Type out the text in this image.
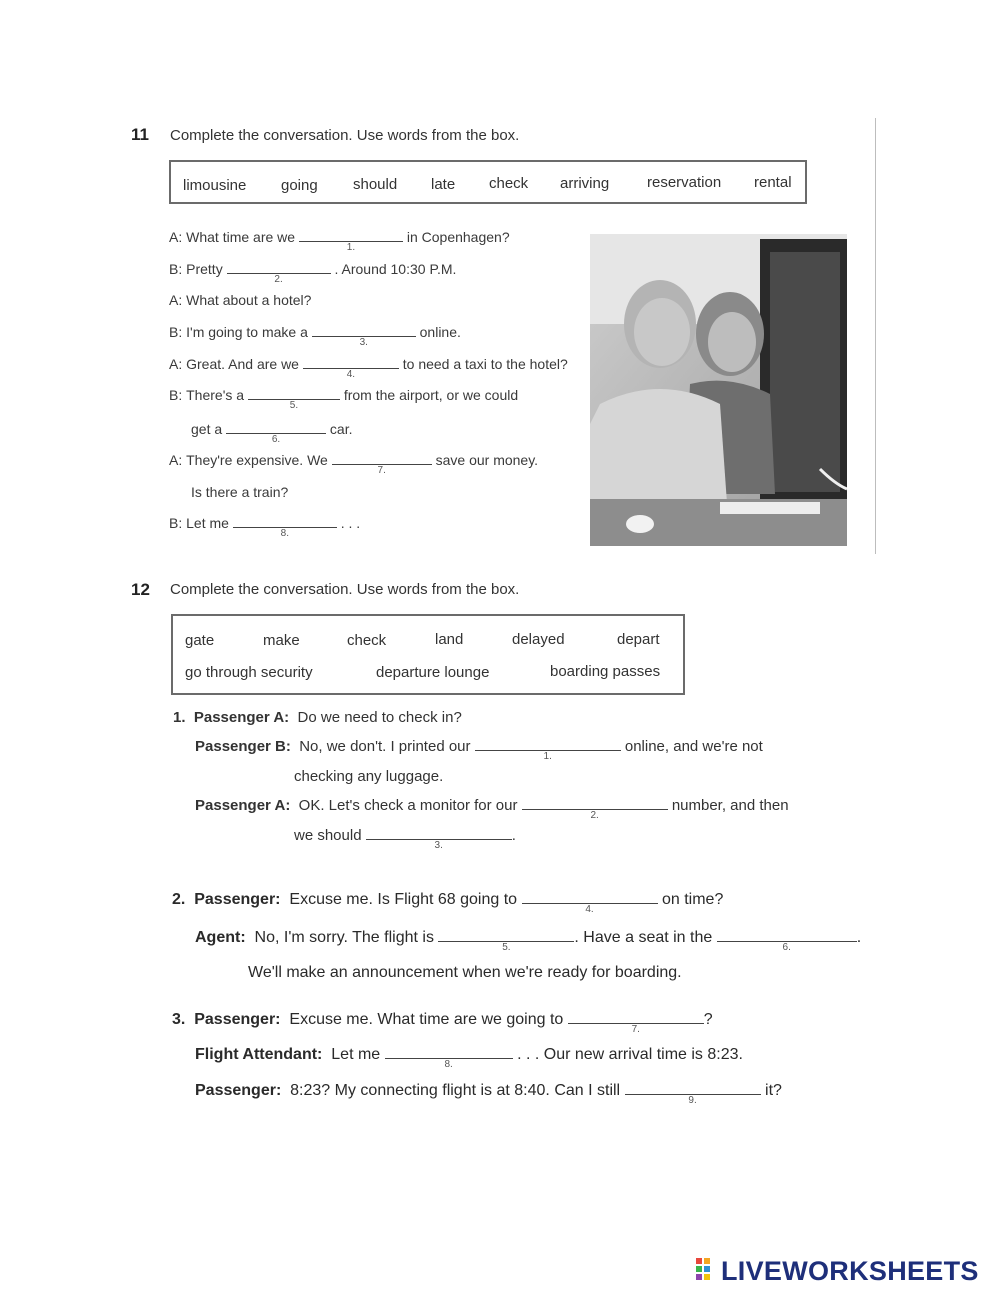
11 Complete the conversation. Use words from the box.
limousine going should late check arriving	reservation rental
A: What time are we
1.
in Copenhagen?
B: Pretty
2.
. Around 10:30 P.M.
A: What about a hotel?
B: I'm going to make a
3.
online.
A: Great. And are we
4.
to need a taxi to the hotel?
B: There's a
5.
from the airport, or we could
get a
6.
car.
A: They're expensive. We
7.
save our money.
Is there a train?
B: Let me
8.
. . .
12 Complete the conversation. Use words from the box.
gate	make	check	land	delayed	depart
go through security	departure lounge	boarding passes
1. Passenger A: Do we need to check in?
Passenger B: No, we don't. I printed our
1.
online, and we're not
checking any luggage.
Passenger A: OK. Let's check a monitor for our
2.
number, and then
we should
3.
.
2. Passenger: Excuse me. Is Flight 68 going to
4.
on time?
Agent: No, I'm sorry. The flight is
5.
. Have a seat in the
6.
.
We'll make an announcement when we're ready for boarding.
3. Passenger: Excuse me. What time are we going to
7.
?
Flight Attendant: Let me
8.
. . . Our new arrival time is 8:23.
Passenger: 8:23? My connecting flight is at 8:40. Can I still
9.
it?
LIVEWORKSHEETS
